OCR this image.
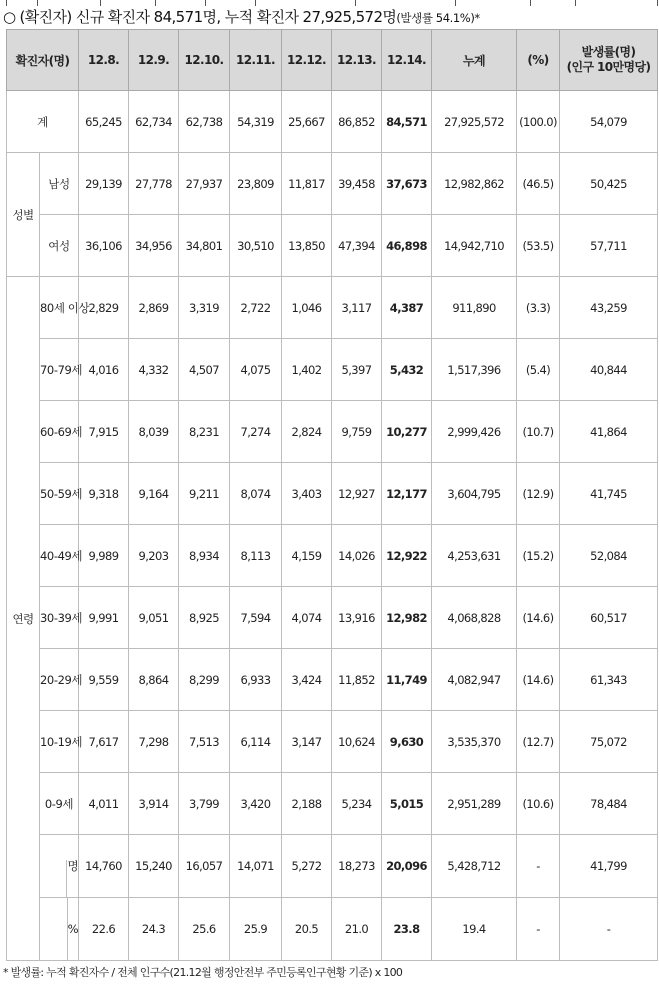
○ (확진자) 신규 확진자 84,571명, 누적 확진자 27,925,572명(발생률 54.1%)*
확진자(명)		12.8.	12.9.	12.10.	12.11.	12.12.	12.13.	12.14.	누계	(%)	발생률(명)
(인구 10만명당)
계		65,245	62,734	62,738	54,319	25,667	86,852	84,571	27,925,572	(100.0)	54,079
성별	남성	29,139	27,778	27,937	23,809	11,817	39,458	37,673	12,982,862	(46.5)	50,425
	여성	36,106	34,956	34,801	30,510	13,850	47,394	46,898	14,942,710	(53.5)	57,711
연령	80세 이상	2,829	2,869	3,319	2,722	1,046	3,117	4,387	911,890	(3.3)	43,259
	70-79세	4,016	4,332	4,507	4,075	1,402	5,397	5,432	1,517,396	(5.4)	40,844
	60-69세	7,915	8,039	8,231	7,274	2,824	9,759	10,277	2,999,426	(10.7)	41,864
	50-59세	9,318	9,164	9,211	8,074	3,403	12,927	12,177	3,604,795	(12.9)	41,745
	40-49세	9,989	9,203	8,934	8,113	4,159	14,026	12,922	4,253,631	(15.2)	52,084
	30-39세	9,991	9,051	8,925	7,594	4,074	13,916	12,982	4,068,828	(14.6)	60,517
	20-29세	9,559	8,864	8,299	6,933	3,424	11,852	11,749	4,082,947	(14.6)	61,343
	10-19세	7,617	7,298	7,513	6,114	3,147	10,624	9,630	3,535,370	(12.7)	75,072
	0-9세	4,011	3,914	3,799	3,420	2,188	5,234	5,015	2,951,289	(10.6)	78,484

명	14,760	15,240	16,057	14,071	5,272	18,273	20,096	5,428,712	-	41,799

%	22.6	24.3	25.6	25.9	20.5	21.0	23.8	19.4	-	-
* 발생률: 누적 확진자수 / 전체 인구수(21.12월 행정안전부 주민등록인구현황 기준) x 100
